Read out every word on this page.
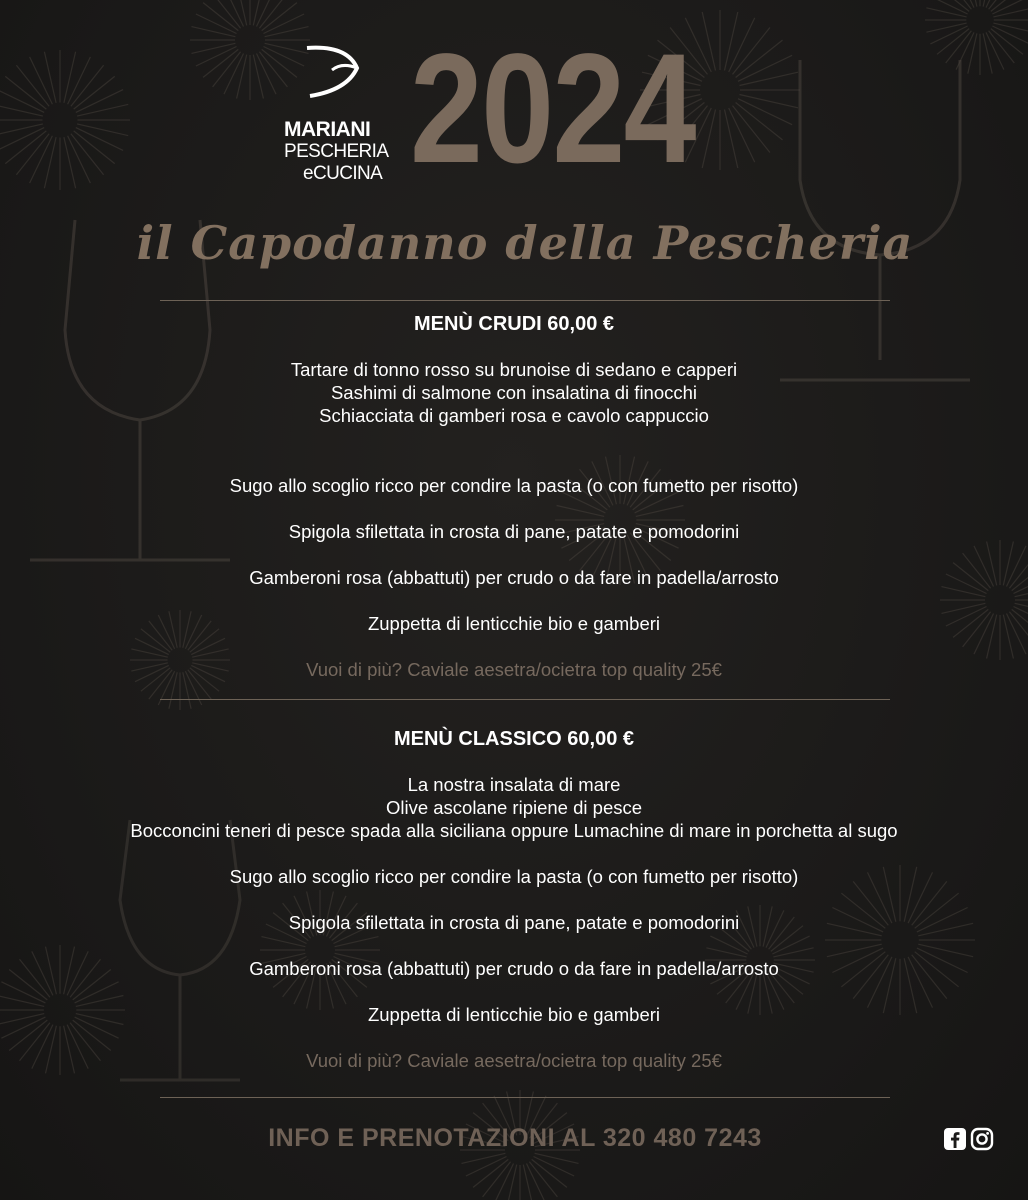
MARIANI
PESCHERIA
eCUCINA 2024
il Capodanno della Pescheria
MENÙ CRUDI 60,00 €
Tartare di tonno rosso su brunoise di sedano e capperi
Sashimi di salmone con insalatina di finocchi
Schiacciata di gamberi rosa e cavolo cappuccio
Sugo allo scoglio ricco per condire la pasta (o con fumetto per risotto)
Spigola sfilettata in crosta di pane, patate e pomodorini
Gamberoni rosa (abbattuti) per crudo o da fare in padella/arrosto
Zuppetta di lenticchie bio e gamberi
Vuoi di più? Caviale aesetra/ocietra top quality 25€
MENÙ CLASSICO 60,00 €
La nostra insalata di mare
Olive ascolane ripiene di pesce
Bocconcini teneri di pesce spada alla siciliana oppure Lumachine di mare in porchetta al sugo
Sugo allo scoglio ricco per condire la pasta (o con fumetto per risotto)
Spigola sfilettata in crosta di pane, patate e pomodorini
Gamberoni rosa (abbattuti) per crudo o da fare in padella/arrosto
Zuppetta di lenticchie bio e gamberi
Vuoi di più? Caviale aesetra/ocietra top quality 25€
INFO E PRENOTAZIONI AL 320 480 7243
